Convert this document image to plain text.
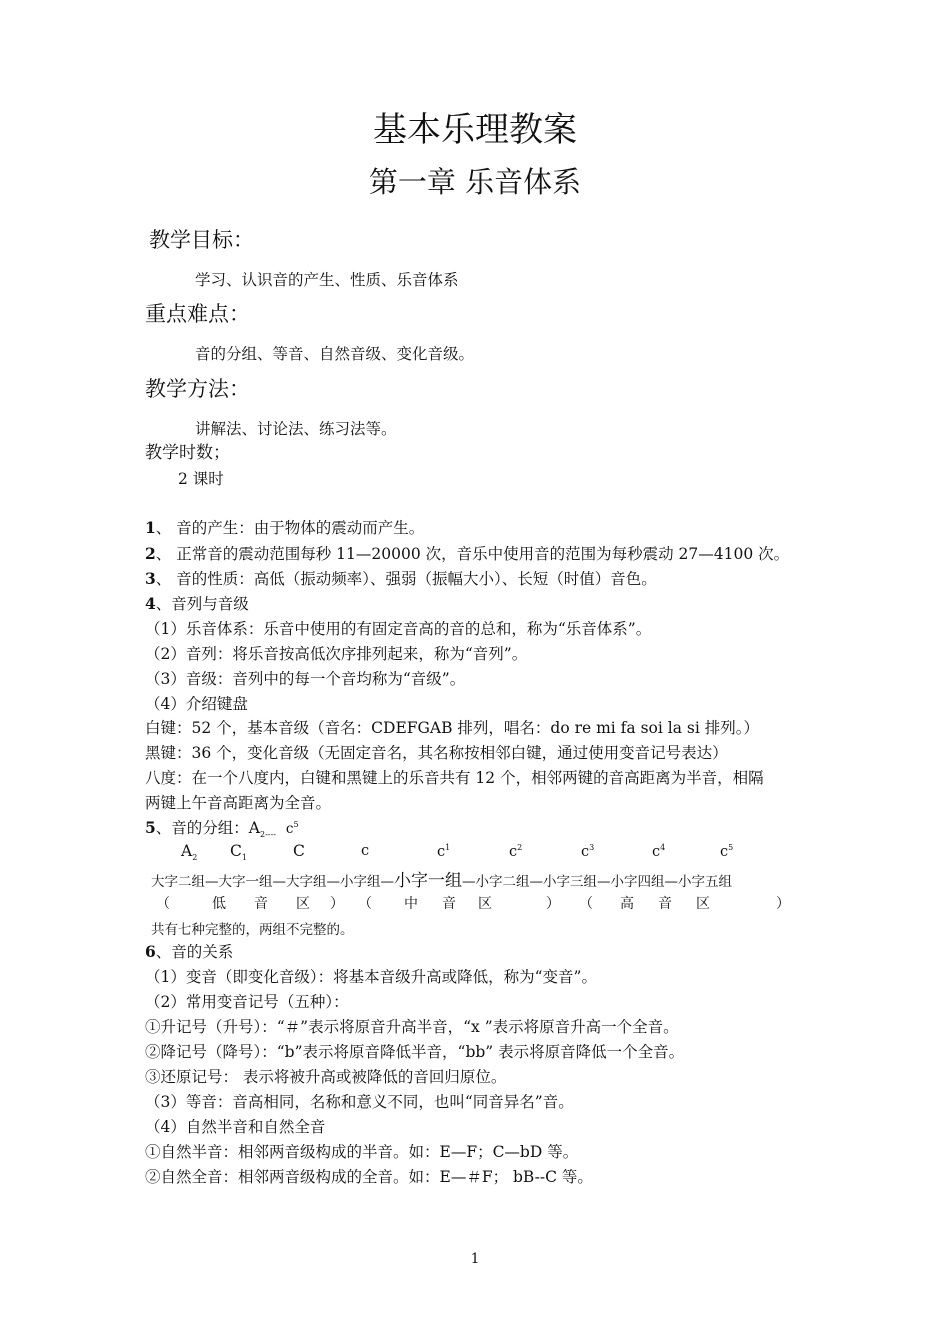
基本乐理教案
第一章 乐音体系
教学目标：
学习、认识音的产生、性质、乐音体系
重点难点：
音的分组、等音、自然音级、变化音级。
教学方法：
讲解法、讨论法、练习法等。
教学时数；
2 课时
1、 音的产生：由于物体的震动而产生。
2、 正常音的震动范围每秒 11—20000 次，音乐中使用音的范围为每秒震动 27—4100 次。
3、 音的性质：高低（振动频率）、强弱（振幅大小）、长短（时值）音色。
4、音列与音级
（1）乐音体系：乐音中使用的有固定音高的音的总和，称为“乐音体系”。
（2）音列：将乐音按高低次序排列起来，称为“音列”。
（3）音级：音列中的每一个音均称为“音级”。
（4）介绍键盘
白键：52 个，基本音级（音名：CDEFGAB 排列，唱名：do re mi fa soi la si 排列。）
黑键：36 个，变化音级（无固定音名，其名称按相邻白键，通过使用变音记号表达）
八度：在一个八度内，白键和黑键上的乐音共有 12 个，相邻两键的音高距离为半音，相隔
两键上午音高距离为全音。
5、音的分组：$A_{2----}$ $c^5$
$A_2$ $C_1$	C	c	$c^1$	$c^2$	$c^3$	$c^4$	$c^5$
大字二组—大字一组—大字组—小字组—小字一组—小字二组—小字三组—小字四组—小字五组
（	低 音 区 ） （ 中 音 区	） （ 高 音 区	）
共有七种完整的，两组不完整的。
6、音的关系
（1）变音（即变化音级）：将基本音级升高或降低，称为“变音”。
（2）常用变音记号（五种）：
①升记号（升号）：“＃”表示将原音升高半音，“x ”表示将原音升高一个全音。
②降记号（降号）：“b”表示将原音降低半音，“bb” 表示将原音降低一个全音。
③还原记号： 表示将被升高或被降低的音回归原位。
（3）等音：音高相同，名称和意义不同，也叫“同音异名”音。
（4）自然半音和自然全音
①自然半音：相邻两音级构成的半音。如：E—F；C—bD 等。
②自然全音：相邻两音级构成的全音。如：E—＃F； bB--C 等。
1
